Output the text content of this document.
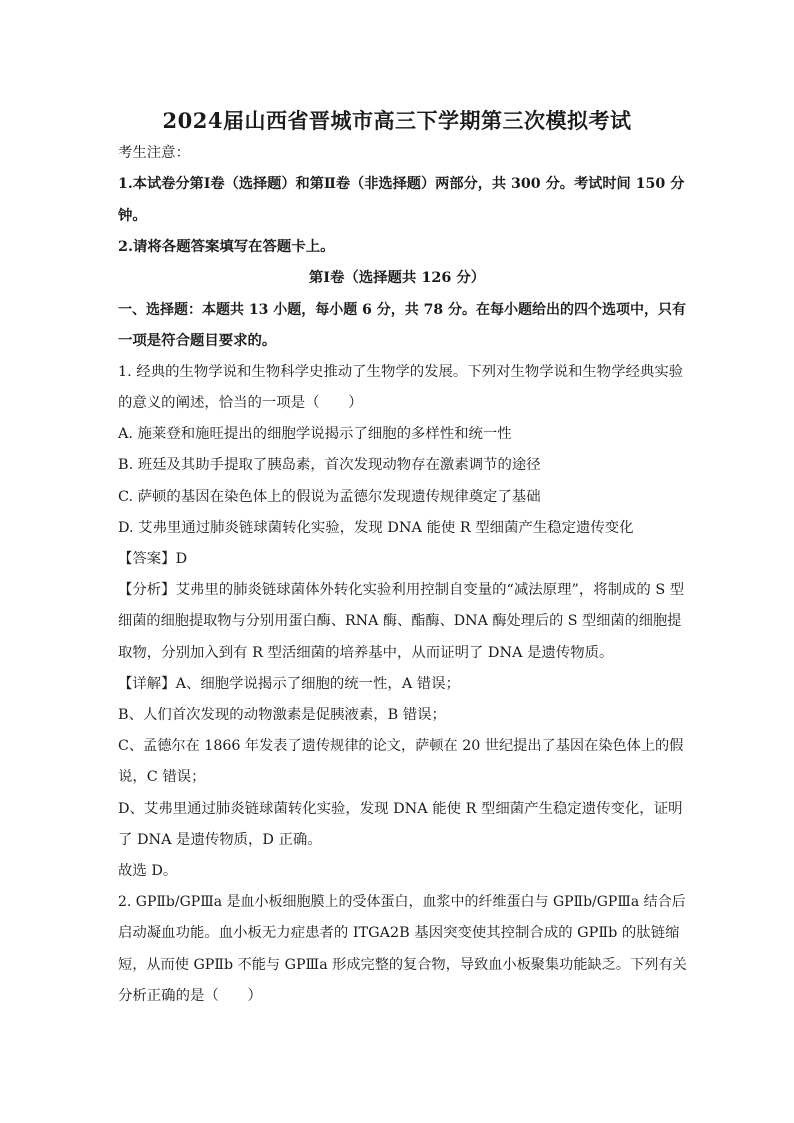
2024届山西省晋城市高三下学期第三次模拟考试
考生注意：
1.本试卷分第Ⅰ卷（选择题）和第Ⅱ卷（非选择题）两部分，共 300 分。考试时间 150 分
钟。
2.请将各题答案填写在答题卡上。
第Ⅰ卷（选择题共 126 分）
一、选择题：本题共 13 小题，每小题 6 分，共 78 分。在每小题给出的四个选项中，只有
一项是符合题目要求的。
1. 经典的生物学说和生物科学史推动了生物学的发展。下列对生物学说和生物学经典实验
的意义的阐述，恰当的一项是（　　）
A. 施莱登和施旺提出的细胞学说揭示了细胞的多样性和统一性
B. 班廷及其助手提取了胰岛素，首次发现动物存在激素调节的途径
C. 萨顿的基因在染色体上的假说为孟德尔发现遗传规律奠定了基础
D. 艾弗里通过肺炎链球菌转化实验，发现 DNA 能使 R 型细菌产生稳定遗传变化
【答案】D
【分析】艾弗里的肺炎链球菌体外转化实验利用控制自变量的“减法原理”，将制成的 S 型
细菌的细胞提取物与分别用蛋白酶、RNA 酶、酯酶、DNA 酶处理后的 S 型细菌的细胞提
取物，分别加入到有 R 型活细菌的培养基中，从而证明了 DNA 是遗传物质。
【详解】A、细胞学说揭示了细胞的统一性，A 错误；
B、人们首次发现的动物激素是促胰液素，B 错误；
C、孟德尔在 1866 年发表了遗传规律的论文，萨顿在 20 世纪提出了基因在染色体上的假
说，C 错误；
D、艾弗里通过肺炎链球菌转化实验，发现 DNA 能使 R 型细菌产生稳定遗传变化，证明
了 DNA 是遗传物质，D 正确。
故选 D。
2. GPⅡb/GPⅢa 是血小板细胞膜上的受体蛋白，血浆中的纤维蛋白与 GPⅡb/GPⅢa 结合后
启动凝血功能。血小板无力症患者的 ITGA2B 基因突变使其控制合成的 GPⅡb 的肽链缩
短，从而使 GPⅡb 不能与 GPⅢa 形成完整的复合物，导致血小板聚集功能缺乏。下列有关
分析正确的是（　　）
